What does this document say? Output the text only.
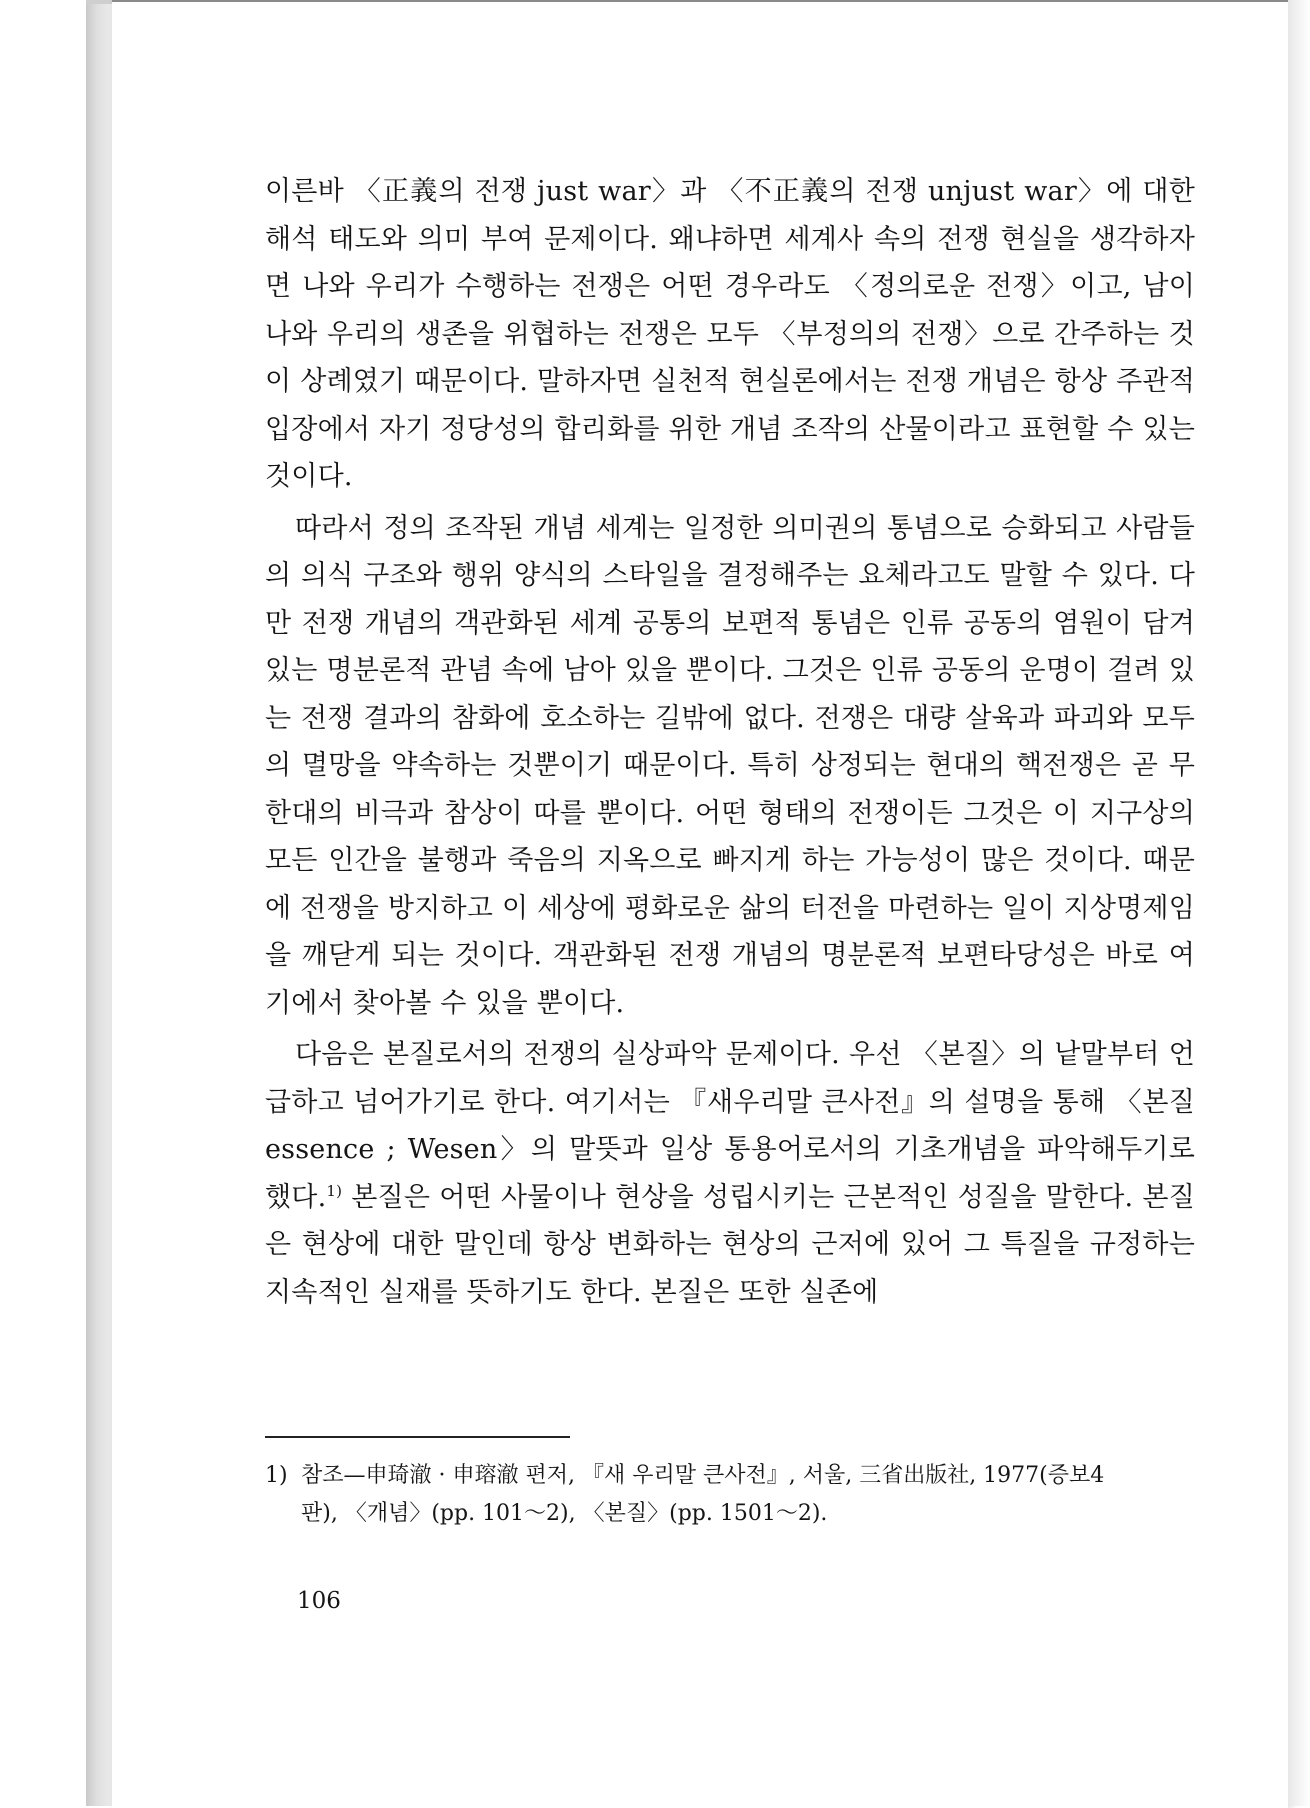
이른바 〈正義의 전쟁 just war〉과 〈不正義의 전쟁 unjust war〉에 대한 해석 태도와 의미 부여 문제이다. 왜냐하면 세계사 속의 전쟁 현실을 생각하자면 나와 우리가 수행하는 전쟁은 어떤 경우라도 〈정의로운 전쟁〉이고, 남이 나와 우리의 생존을 위협하는 전쟁은 모두 〈부정의의 전쟁〉으로 간주하는 것이 상례였기 때문이다. 말하자면 실천적 현실론에서는 전쟁 개념은 항상 주관적 입장에서 자기 정당성의 합리화를 위한 개념 조작의 산물이라고 표현할 수 있는 것이다.

따라서 정의 조작된 개념 세계는 일정한 의미권의 통념으로 승화되고 사람들의 의식 구조와 행위 양식의 스타일을 결정해주는 요체라고도 말할 수 있다. 다만 전쟁 개념의 객관화된 세계 공통의 보편적 통념은 인류 공동의 염원이 담겨 있는 명분론적 관념 속에 남아 있을 뿐이다. 그것은 인류 공동의 운명이 걸려 있는 전쟁 결과의 참화에 호소하는 길밖에 없다. 전쟁은 대량 살육과 파괴와 모두의 멸망을 약속하는 것뿐이기 때문이다. 특히 상정되는 현대의 핵전쟁은 곧 무한대의 비극과 참상이 따를 뿐이다. 어떤 형태의 전쟁이든 그것은 이 지구상의 모든 인간을 불행과 죽음의 지옥으로 빠지게 하는 가능성이 많은 것이다. 때문에 전쟁을 방지하고 이 세상에 평화로운 삶의 터전을 마련하는 일이 지상명제임을 깨닫게 되는 것이다. 객관화된 전쟁 개념의 명분론적 보편타당성은 바로 여기에서 찾아볼 수 있을 뿐이다.

다음은 본질로서의 전쟁의 실상파악 문제이다. 우선 〈본질〉의 낱말부터 언급하고 넘어가기로 한다. 여기서는 『새우리말 큰사전』의 설명을 통해 〈본질 essence ; Wesen〉의 말뜻과 일상 통용어로서의 기초개념을 파악해두기로 했다.$^{1)}$ 본질은 어떤 사물이나 현상을 성립시키는 근본적인 성질을 말한다. 본질은 현상에 대한 말인데 항상 변화하는 현상의 근저에 있어 그 특질을 규정하는 지속적인 실재를 뜻하기도 한다. 본질은 또한 실존에

1) 참조—申琦澈 · 申瑢澈 편저, 『새 우리말 큰사전』, 서울, 三省出版社, 1977(증보4
판), 〈개념〉(pp. 101～2), 〈본질〉(pp. 1501～2).
106
